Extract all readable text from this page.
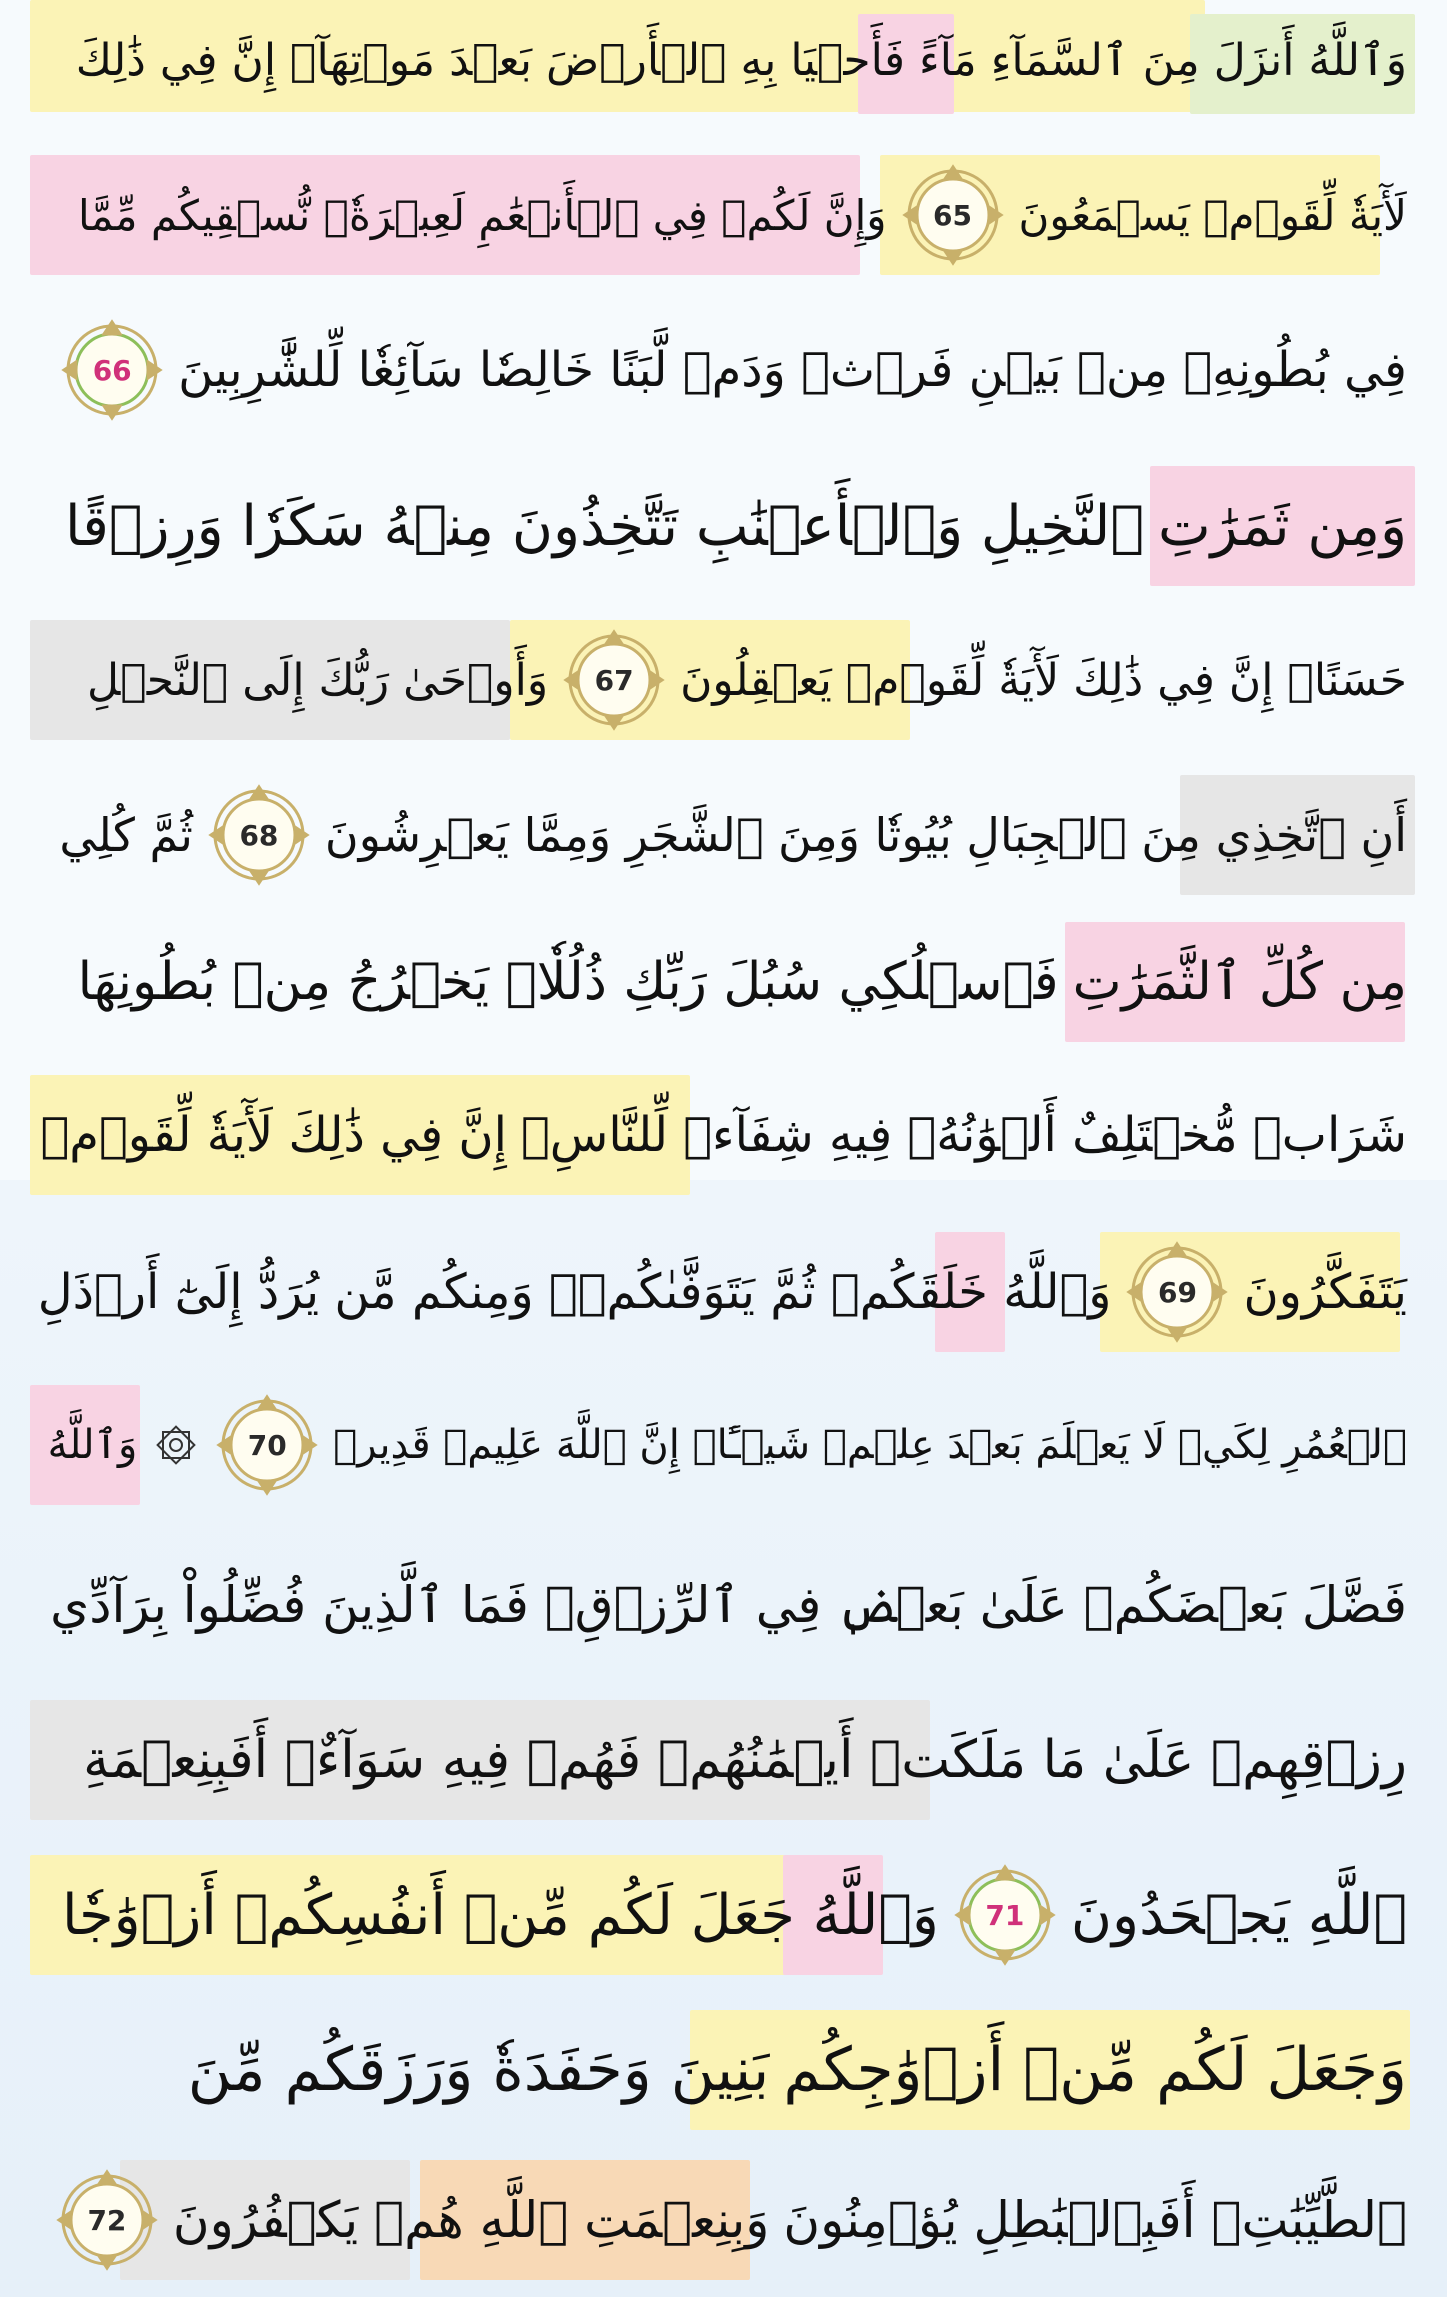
وَٱللَّهُ أَنزَلَ مِنَ ٱلسَّمَآءِ مَآءً
فَأَحۡيَا بِهِ ٱلۡأَرۡضَ بَعۡدَ مَوۡتِهَآۚ إِنَّ فِي ذَٰلِكَ
لَأٓيَةٗ لِّقَوۡمٖ يَسۡمَعُونَ
65
وَإِنَّ لَكُمۡ فِي ٱلۡأَنۡعَٰمِ لَعِبۡرَةٗۖ نُّسۡقِيكُم مِّمَّا
فِي بُطُونِهِۦ مِنۢ بَيۡنِ فَرۡثٖ وَدَمٖ لَّبَنًا خَالِصٗا سَآئِغٗا لِّلشَّٰرِبِينَ
66
وَمِن ثَمَرَٰتِ
ٱلنَّخِيلِ وَٱلۡأَعۡنَٰبِ تَتَّخِذُونَ مِنۡهُ سَكَرٗا وَرِزۡقًا
حَسَنًاۚ إِنَّ فِي ذَٰلِكَ لَأٓيَةٗ لِّقَوۡمٖ يَعۡقِلُونَ
67
وَأَوۡحَىٰ رَبُّكَ إِلَى ٱلنَّحۡلِ
أَنِ ٱتَّخِذِي مِنَ ٱلۡجِبَالِ بُيُوتٗا وَمِنَ ٱلشَّجَرِ وَمِمَّا يَعۡرِشُونَ
68
ثُمَّ كُلِي
مِن كُلِّ ٱلثَّمَرَٰتِ
فَٱسۡلُكِي سُبُلَ رَبِّكِ ذُلُلٗاۚ يَخۡرُجُ مِنۢ بُطُونِهَا
شَرَابٞ مُّخۡتَلِفٌ أَلۡوَٰنُهُۥ فِيهِ شِفَآءٞ لِّلنَّاسِۚ
إِنَّ فِي ذَٰلِكَ لَأٓيَةٗ لِّقَوۡمٖ
يَتَفَكَّرُونَ
69
وَٱللَّهُ خَلَقَكُمۡ ثُمَّ يَتَوَفَّىٰكُمۡۚ وَمِنكُم مَّن يُرَدُّ إِلَىٰٓ أَرۡذَلِ
ٱلۡعُمُرِ لِكَيۡ لَا يَعۡلَمَ بَعۡدَ عِلۡمٖ شَيۡـًٔاۚ إِنَّ ٱللَّهَ عَلِيمٞ قَدِيرٞ
70
وَٱللَّهُ
فَضَّلَ بَعۡضَكُمۡ عَلَىٰ بَعۡضٖ فِي ٱلرِّزۡقِۚ فَمَا ٱلَّذِينَ فُضِّلُواْ بِرَآدِّي
رِزۡقِهِمۡ عَلَىٰ مَا مَلَكَتۡ أَيۡمَٰنُهُمۡ فَهُمۡ فِيهِ سَوَآءٌۚ أَفَبِنِعۡمَةِ
ٱللَّهِ يَجۡحَدُونَ
71
وَٱللَّهُ جَعَلَ لَكُم مِّنۡ أَنفُسِكُمۡ أَزۡوَٰجٗا
وَجَعَلَ لَكُم مِّنۡ أَزۡوَٰجِكُم
بَنِينَ وَحَفَدَةٗ وَرَزَقَكُم مِّنَ
ٱلطَّيِّبَٰتِۚ أَفَبِٱلۡبَٰطِلِ يُؤۡمِنُونَ
وَبِنِعۡمَتِ ٱللَّهِ هُمۡ يَكۡفُرُونَ
72
